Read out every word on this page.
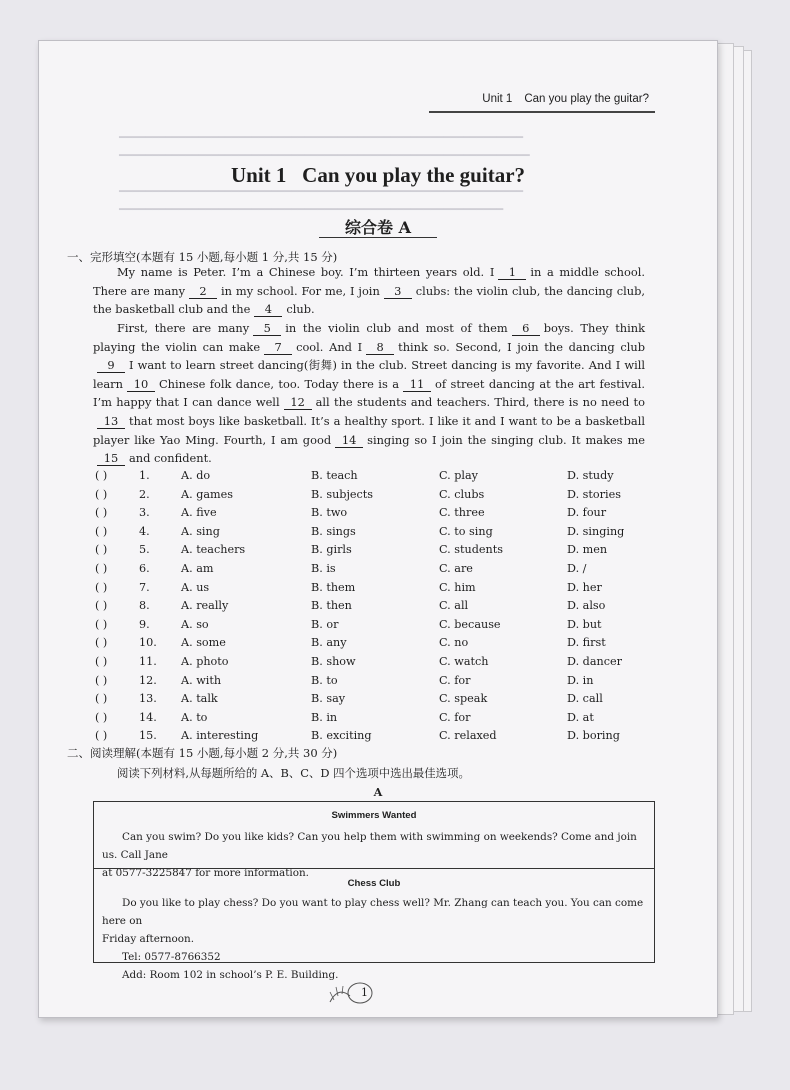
━━━━━━━━━━━━━━━━━━━━━━━━━━━━━━━━━━━━━━━━━━━━━━━━━━━━━━━━━━━━━
━━━━━━━━━━━━━━━━━━━━━━━━━━━━━━━━━━━━━━━━━━━━━━━━━━━━━━━━━━━━━━
━━━━━━━━━━━━━━━━━━━━━━━━━━━━━━━━━━━━━━━━━━━━━━━━━━━━━━━━━━━━━
━━━━━━━━━━━━━━━━━━━━━━━━━━━━━━━━━━━━━━━━━━━━━━━━━━━━━━━━━━
Unit 1 Can you play the guitar?
Unit 1 Can you play the guitar?
综合卷 A
一、完形填空(本题有 15 小题,每小题 1 分,共 15 分)
My name is Peter. I’m a Chinese boy. I’m thirteen years old. I 1 in a middle school. There are many 2 in my school. For me, I join 3 clubs: the violin club, the dancing club, the basketball club and the 4 club.
First, there are many 5 in the violin club and most of them 6 boys. They think playing the violin can make 7 cool. And I 8 think so. Second, I join the dancing club9 I want to learn street dancing(街舞) in the club. Street dancing is my favorite. And I will learn 10 Chinese folk dance, too. Today there is a 11 of street dancing at the art festival. I’m happy that I can dance well 12 all the students and teachers. Third, there is no need to13 that most boys like basketball. It’s a healthy sport. I like it and I want to be a basketball player like Yao Ming. Fourth, I am good 14 singing so I join the singing club. It makes me15 and confident.
( )	1.	A. do	B. teach	C. play	D. study
( )	2.	A. games	B. subjects	C. clubs	D. stories
( )	3.	A. five	B. two	C. three	D. four
( )	4.	A. sing	B. sings	C. to sing	D. singing
( )	5.	A. teachers	B. girls	C. students	D. men
( )	6.	A. am	B. is	C. are	D. /
( )	7.	A. us	B. them	C. him	D. her
( )	8.	A. really	B. then	C. all	D. also
( )	9.	A. so	B. or	C. because	D. but
( )	10. A. some	B. any	C. no	D. first
( )	11. A. photo	B. show	C. watch	D. dancer
( )	12. A. with	B. to	C. for	D. in
( )	13. A. talk	B. say	C. speak	D. call
( )	14. A. to	B. in	C. for	D. at
( )	15. A. interesting	B. exciting	C. relaxed	D. boring
二、阅读理解(本题有 15 小题,每小题 2 分,共 30 分)
阅读下列材料,从每题所给的 A、B、C、D 四个选项中选出最佳选项。
A
Swimmers Wanted
Can you swim? Do you like kids? Can you help them with swimming on weekends? Come and join us. Call Jane
at 0577-3225847 for more information.
Chess Club
Do you like to play chess? Do you want to play chess well? Mr. Zhang can teach you. You can come here on
Friday afternoon.
Tel: 0577-8766352
Add: Room 102 in school’s P. E. Building.
1
